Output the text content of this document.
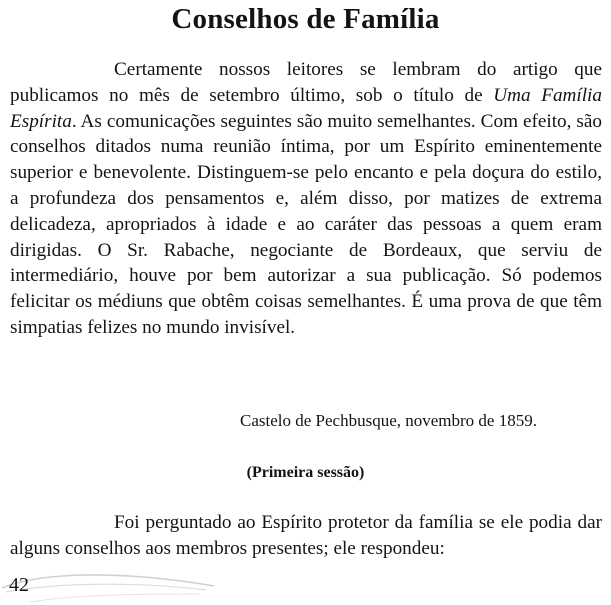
Conselhos de Família

Certamente nossos leitores se lembram do artigo que publicamos no mês de setembro último, sob o título de Uma Família Espírita. As comunicações seguintes são muito semelhantes. Com efeito, são conselhos ditados numa reunião íntima, por um Espírito eminentemente superior e benevolente. Distinguem-se pelo encanto e pela doçura do estilo, a profundeza dos pensamentos e, além disso, por matizes de extrema delicadeza, apropriados à idade e ao caráter das pessoas a quem eram dirigidas. O Sr. Rabache, negociante de Bordeaux, que serviu de intermediário, houve por bem autorizar a sua publicação. Só podemos felicitar os médiuns que obtêm coisas semelhantes. É uma prova de que têm simpatias felizes no mundo invisível.

Castelo de Pechbusque, novembro de 1859.

(Primeira sessão)

Foi perguntado ao Espírito protetor da família se ele podia dar alguns conselhos aos membros presentes; ele respondeu:

42
